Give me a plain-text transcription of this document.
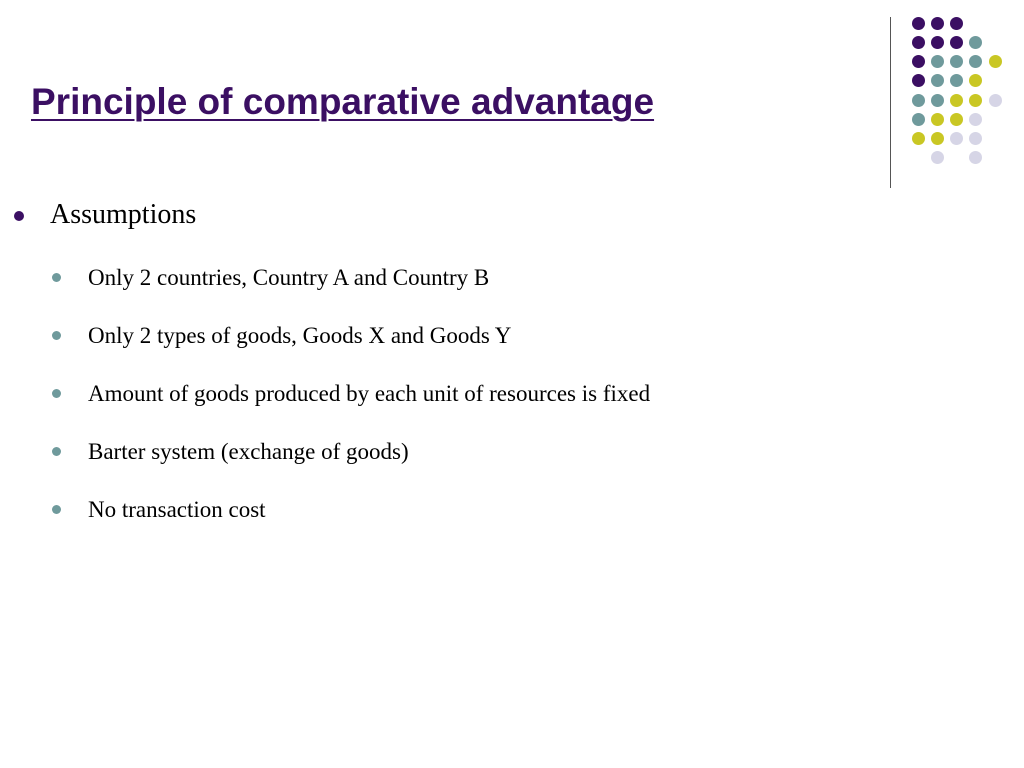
Principle of comparative advantage
Assumptions
Only 2 countries, Country A and Country B
Only 2 types of goods, Goods X and Goods Y
Amount of goods produced by each unit of resources is fixed
Barter system (exchange of goods)
No transaction cost
